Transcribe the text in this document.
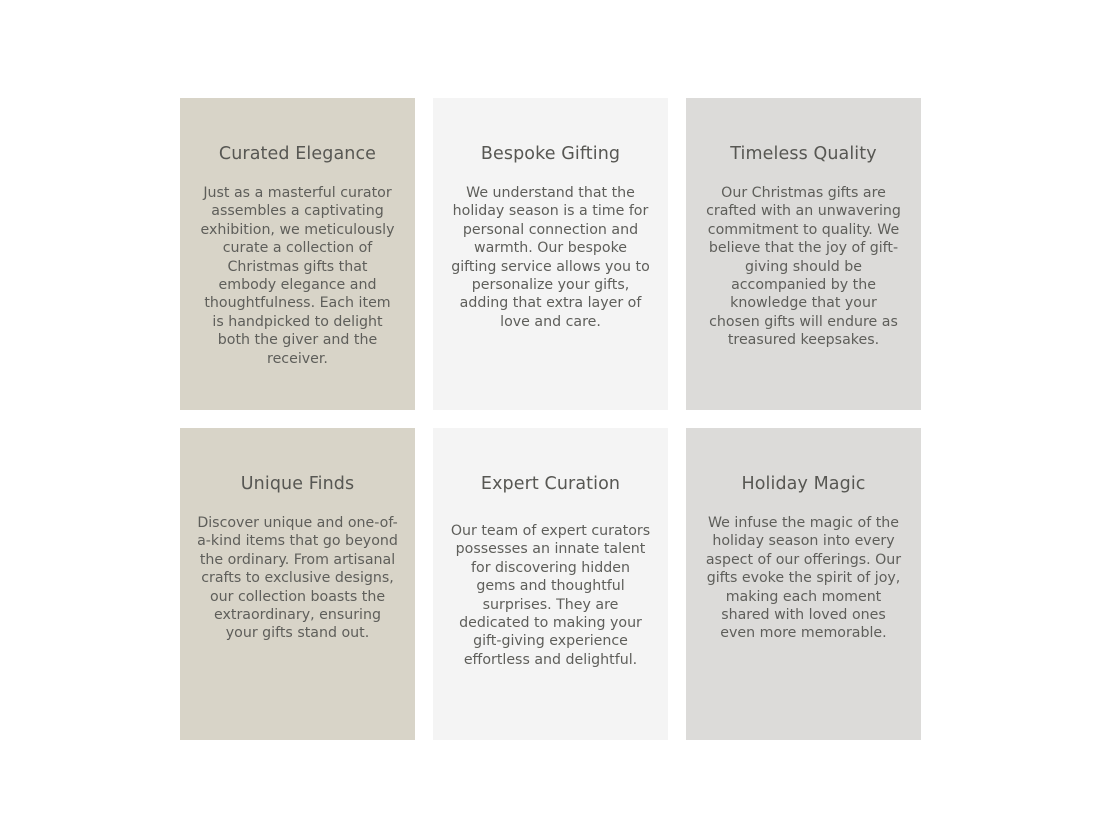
Curated Elegance

Just as a masterful curator assembles a captivating exhibition, we meticulously curate a collection of Christmas gifts that embody elegance and thoughtfulness. Each item is handpicked to delight both the giver and the receiver.

Bespoke Gifting

We understand that the holiday season is a time for personal connection and warmth. Our bespoke gifting service allows you to personalize your gifts, adding that extra layer of love and care.

Timeless Quality

Our Christmas gifts are crafted with an unwavering commitment to quality. We believe that the joy of gift-giving should be accompanied by the knowledge that your chosen gifts will endure as treasured keepsakes.

Unique Finds

Discover unique and one-of-a-kind items that go beyond the ordinary. From artisanal crafts to exclusive designs, our collection boasts the extraordinary, ensuring your gifts stand out.

Expert Curation

Our team of expert curators possesses an innate talent for discovering hidden gems and thoughtful surprises. They are dedicated to making your gift-giving experience effortless and delightful.

Holiday Magic

We infuse the magic of the holiday season into every aspect of our offerings. Our gifts evoke the spirit of joy, making each moment shared with loved ones even more memorable.
